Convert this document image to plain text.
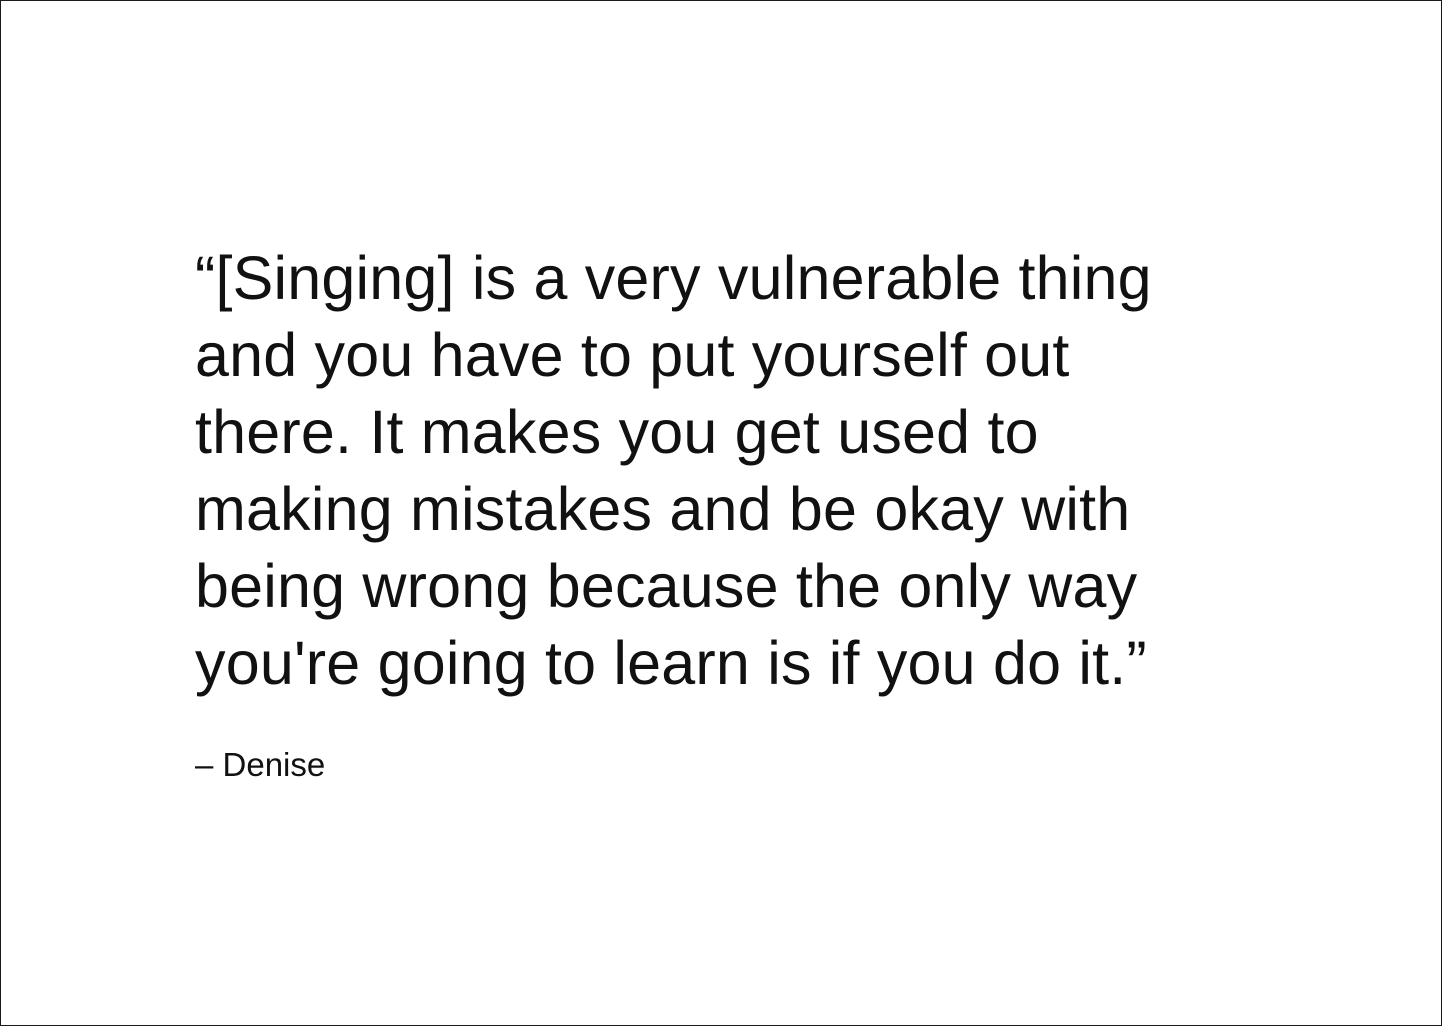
“[Singing] is a very vulnerable thing
and you have to put yourself out
there. It makes you get used to
making mistakes and be okay with
being wrong because the only way
you're going to learn is if you do it.”

– Denise
